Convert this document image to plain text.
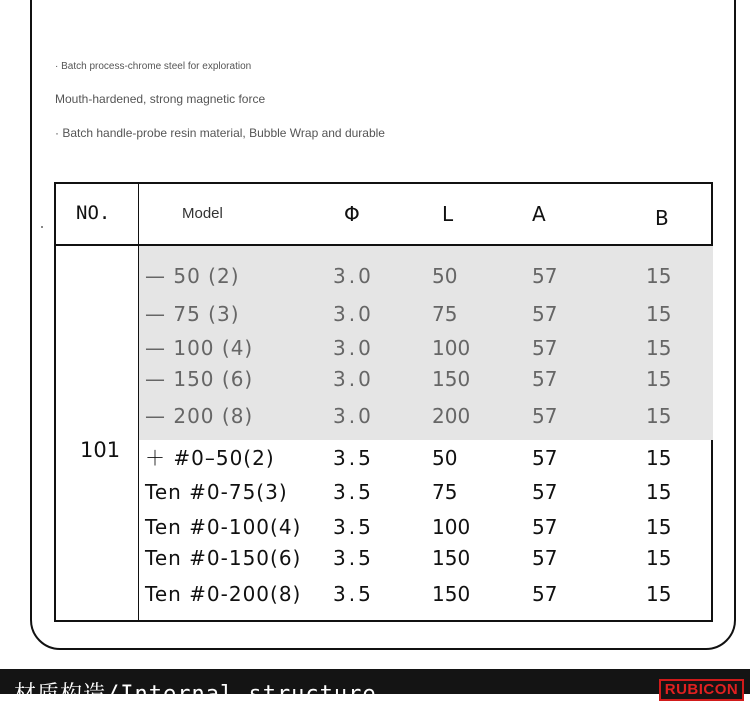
· Batch process-chrome steel for exploration

Mouth-hardened, strong magnetic force

· Batch handle-probe resin material, Bubble Wrap and durable

NO.	Model	Φ	L	A	B
101
— 50 (2)	3.0	50	57	15
— 75 (3)	3.0	75	57	15
— 100 (4)	3.0	100	57	15
— 150 (6)	3.0	150	57	15
— 200 (8)	3.0	200	57	15
＋ #0–50(2)	3.5	50	57	15
Ten #0-75(3) 3.5	75	57	15
Ten #0-100(4) 3.5	100	57	15
Ten #0-150(6) 3.5	150	57	15
Ten #0-200(8) 3.5	150	57	15
材质构造/Internal structure	RUBICON
